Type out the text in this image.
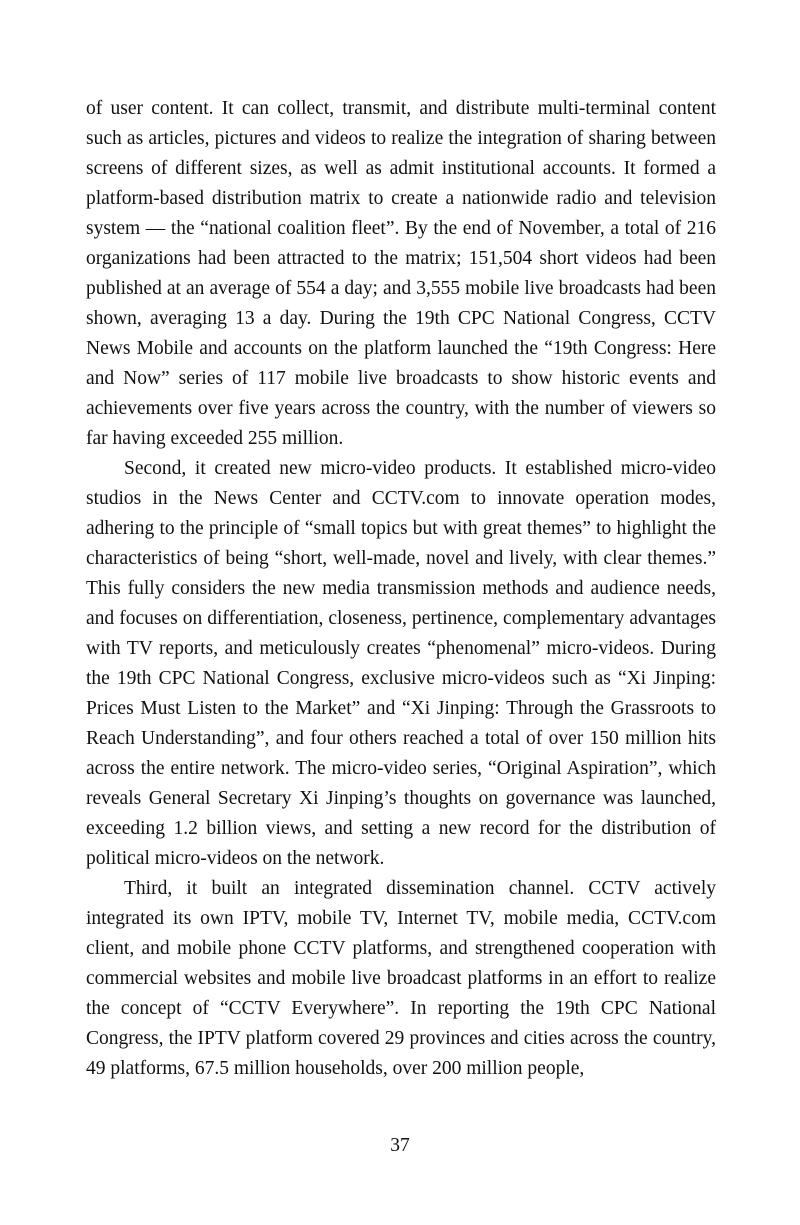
of user content. It can collect, transmit, and distribute multi-terminal content such as articles, pictures and videos to realize the integration of sharing between screens of different sizes, as well as admit institutional accounts. It formed a platform-based distribution matrix to create a nationwide radio and television system — the “national coalition fleet”. By the end of November, a total of 216 organizations had been attracted to the matrix; 151,504 short videos had been published at an average of 554 a day; and 3,555 mobile live broadcasts had been shown, averaging 13 a day. During the 19th CPC National Congress, CCTV News Mobile and accounts on the platform launched the “19th Congress: Here and Now” series of 117 mobile live broadcasts to show historic events and achievements over five years across the country, with the number of viewers so far having exceeded 255 million.

Second, it created new micro-video products. It established micro-video studios in the News Center and CCTV.com to innovate operation modes, adhering to the principle of “small topics but with great themes” to highlight the characteristics of being “short, well-made, novel and lively, with clear themes.” This fully considers the new media transmission methods and audience needs, and focuses on differentiation, closeness, pertinence, complementary advantages with TV reports, and meticulously creates “phenomenal” micro-videos. During the 19th CPC National Congress, exclusive micro-videos such as “Xi Jinping: Prices Must Listen to the Market” and “Xi Jinping: Through the Grassroots to Reach Understanding”, and four others reached a total of over 150 million hits across the entire network. The micro-video series, “Original Aspiration”, which reveals General Secretary Xi Jinping’s thoughts on governance was launched, exceeding 1.2 billion views, and setting a new record for the distribution of political micro-videos on the network.

Third, it built an integrated dissemination channel. CCTV actively integrated its own IPTV, mobile TV, Internet TV, mobile media, CCTV.com client, and mobile phone CCTV platforms, and strengthened cooperation with commercial websites and mobile live broadcast platforms in an effort to realize the concept of “CCTV Everywhere”. In reporting the 19th CPC National Congress, the IPTV platform covered 29 provinces and cities across the country, 49 platforms, 67.5 million households, over 200 million people,

37
